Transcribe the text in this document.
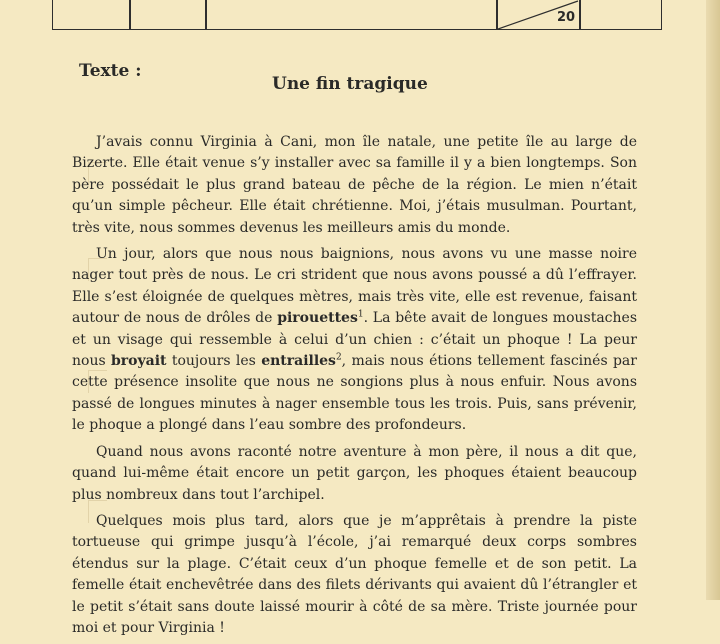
20
Texte :
Une fin tragique

J’avais connu Virginia à Cani, mon île natale, une petite île au large de Bizerte. Elle était venue s’y installer avec sa famille il y a bien longtemps. Son père possédait le plus grand bateau de pêche de la région. Le mien n’était qu’un simple pêcheur. Elle était chrétienne. Moi, j’étais musulman. Pourtant, très vite, nous sommes devenus les meilleurs amis du monde.

Un jour, alors que nous nous baignions, nous avons vu une masse noire nager tout près de nous. Le cri strident que nous avons poussé a dû l’effrayer. Elle s’est éloignée de quelques mètres, mais très vite, elle est revenue, faisant autour de nous de drôles de pirouettes$^1$. La bête avait de longues moustaches et un visage qui ressemble à celui d’un chien : c’était un phoque ! La peur nous broyait toujours les entrailles$^2$, mais nous étions tellement fascinés par cette présence insolite que nous ne songions plus à nous enfuir. Nous avons passé de longues minutes à nager ensemble tous les trois. Puis, sans prévenir, le phoque a plongé dans l’eau sombre des profondeurs.

Quand nous avons raconté notre aventure à mon père, il nous a dit que, quand lui-même était encore un petit garçon, les phoques étaient beaucoup plus nombreux dans tout l’archipel.

Quelques mois plus tard, alors que je m’apprêtais à prendre la piste tortueuse qui grimpe jusqu’à l’école, j’ai remarqué deux corps sombres étendus sur la plage. C’était ceux d’un phoque femelle et de son petit. La femelle était enchevêtrée dans des filets dérivants qui avaient dû l’étrangler et le petit s’était sans doute laissé mourir à côté de sa mère. Triste journée pour moi et pour Virginia !
